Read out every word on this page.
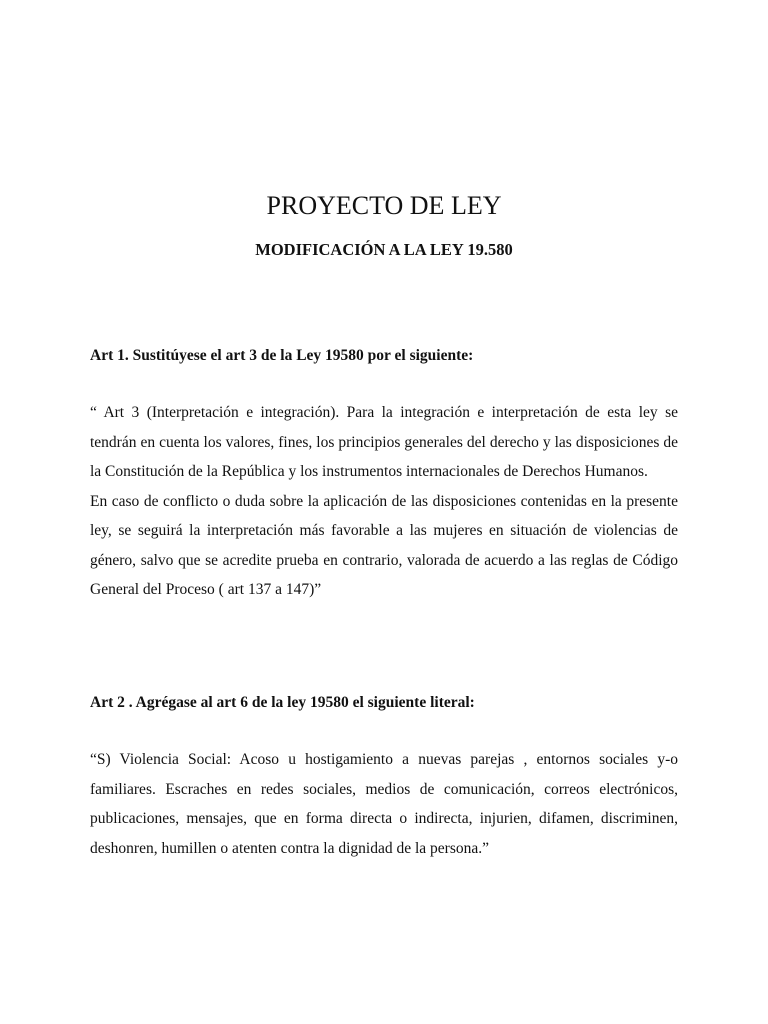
PROYECTO DE LEY
MODIFICACIÓN A LA LEY 19.580

Art 1. Sustitúyese el art 3 de la Ley 19580 por el siguiente:

“ Art 3 (Interpretación e integración). Para la integración e interpretación de esta ley se tendrán en cuenta los valores, fines, los principios generales del derecho y las disposiciones de la Constitución de la República y los instrumentos internacionales de Derechos Humanos.
En caso de conflicto o duda sobre la aplicación de las disposiciones contenidas en la presente ley, se seguirá la interpretación más favorable a las mujeres en situación de violencias de género, salvo que se acredite prueba en contrario, valorada de acuerdo a las reglas de Código General del Proceso ( art 137 a 147)”

Art 2 . Agrégase al art 6 de la ley 19580 el siguiente literal:

“S) Violencia Social: Acoso u hostigamiento a nuevas parejas , entornos sociales y-o familiares. Escraches en redes sociales, medios de comunicación, correos electrónicos, publicaciones, mensajes, que en forma directa o indirecta, injurien, difamen, discriminen, deshonren, humillen o atenten contra la dignidad de la persona.”
